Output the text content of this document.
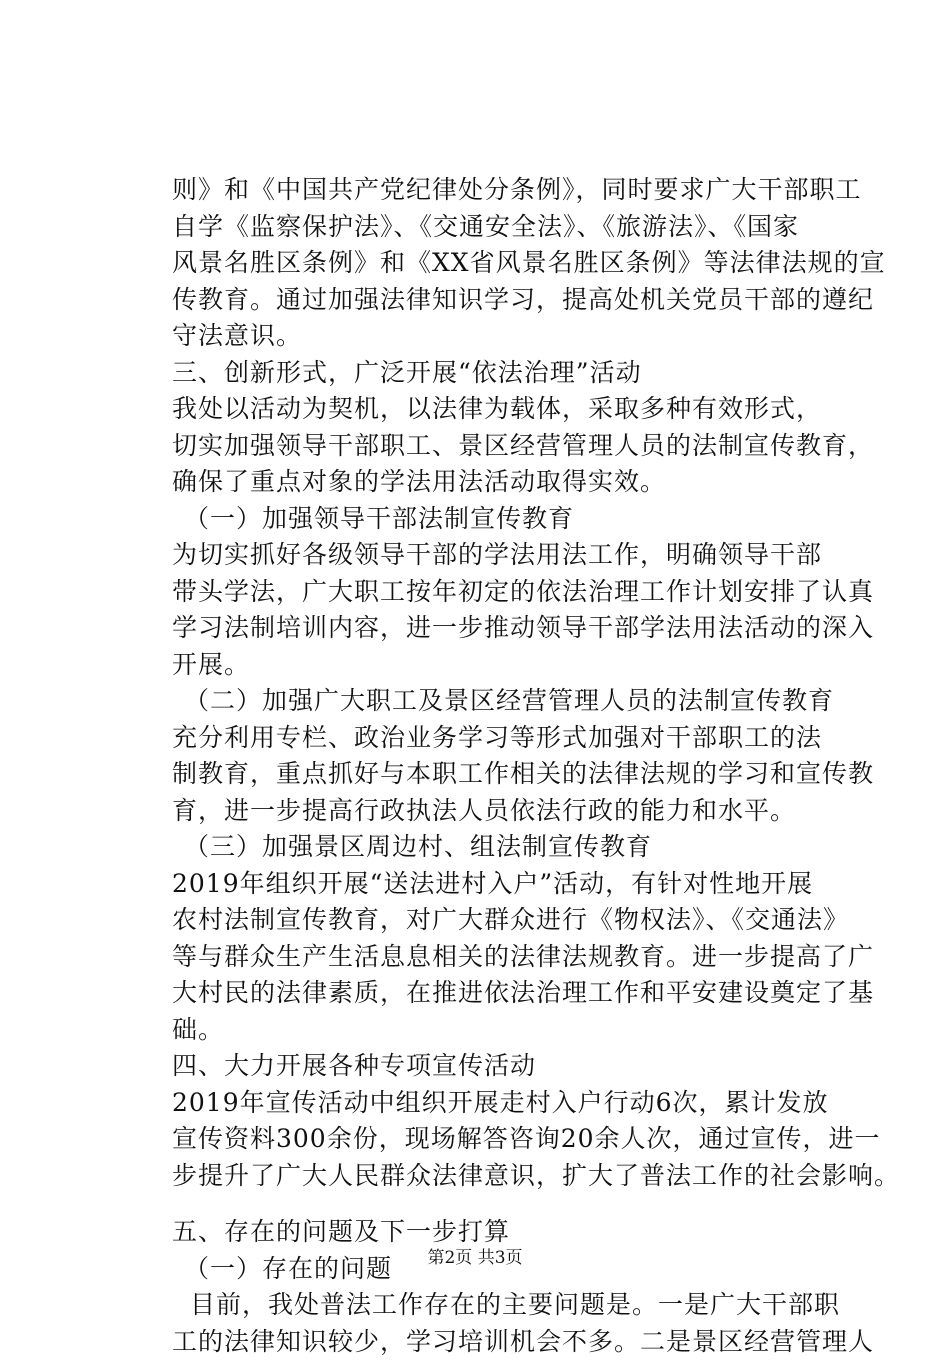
则》和《中国共产党纪律处分条例》，同时要求广大干部职工
自学《监察保护法》、《交通安全法》、《旅游法》、《国家
风景名胜区条例》和《XX省风景名胜区条例》等法律法规的宣
传教育。通过加强法律知识学习，提高处机关党员干部的遵纪
守法意识。
三、创新形式，广泛开展“依法治理”活动
我处以活动为契机，以法律为载体，采取多种有效形式，
切实加强领导干部职工、景区经营管理人员的法制宣传教育，
确保了重点对象的学法用法活动取得实效。
（一）加强领导干部法制宣传教育
为切实抓好各级领导干部的学法用法工作，明确领导干部
带头学法，广大职工按年初定的依法治理工作计划安排了认真
学习法制培训内容，进一步推动领导干部学法用法活动的深入
开展。
（二）加强广大职工及景区经营管理人员的法制宣传教育
充分利用专栏、政治业务学习等形式加强对干部职工的法
制教育，重点抓好与本职工作相关的法律法规的学习和宣传教
育，进一步提高行政执法人员依法行政的能力和水平。
（三）加强景区周边村、组法制宣传教育
2019年组织开展“送法进村入户”活动，有针对性地开展
农村法制宣传教育，对广大群众进行《物权法》、《交通法》
等与群众生产生活息息相关的法律法规教育。进一步提高了广
大村民的法律素质，在推进依法治理工作和平安建设奠定了基
础。
四、大力开展各种专项宣传活动
2019年宣传活动中组织开展走村入户行动6次，累计发放
宣传资料300余份，现场解答咨询20余人次，通过宣传，进一
步提升了广大人民群众法律意识，扩大了普法工作的社会影响。
五、存在的问题及下一步打算
（一）存在的问题
目前，我处普法工作存在的主要问题是。一是广大干部职
工的法律知识较少，学习培训机会不多。二是景区经营管理人
第2页 共3页
